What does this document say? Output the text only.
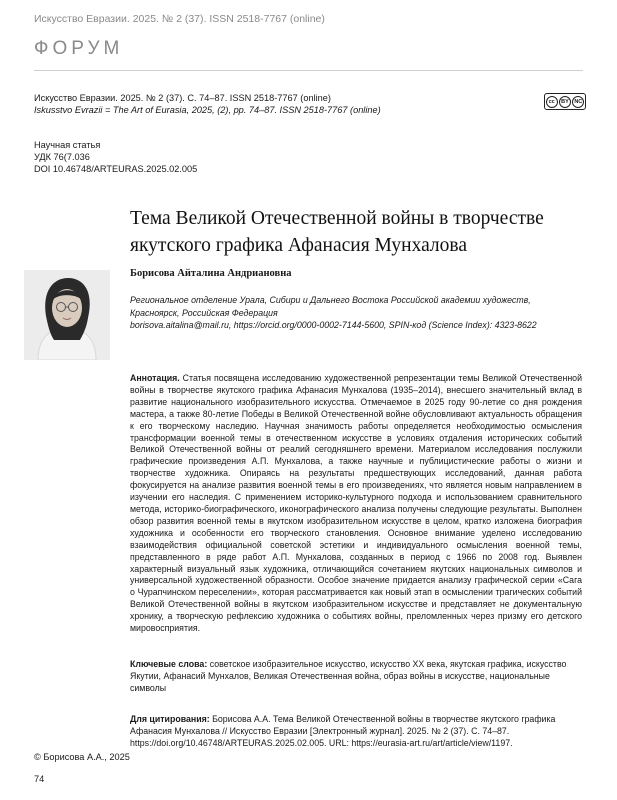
Искусство Евразии. 2025. № 2 (37). ISSN 2518-7767 (online)
ФОРУМ
Искусство Евразии. 2025. № 2 (37). С. 74–87. ISSN 2518-7767 (online)
Iskusstvo Evrazii = The Art of Eurasia, 2025, (2), pp. 74–87. ISSN 2518-7767 (online)
cc	BY	NC
Научная статья
УДК 76(7.036
DOI 10.46748/ARTEURAS.2025.02.005
Тема Великой Отечественной войны в творчестве якутского графика Афанасия Мунхалова
Борисова Айталина Андриановна
Региональное отделение Урала, Сибири и Дальнего Востока Российской академии художеств, Красноярск, Российская Федерация
borisova.aitalina@mail.ru, https://orcid.org/0000-0002-7144-5600, SPIN-код (Science Index): 4323-8622
Аннотация. Статья посвящена исследованию художественной репрезентации темы Великой Отечественной войны в творчестве якутского графика Афанасия Мунхалова (1935–2014), внесшего значительный вклад в развитие национального изобразительного искусства. Отмечаемое в 2025 году 90-летие со дня рождения мастера, а также 80-летие Победы в Великой Отечественной войне обусловливают актуальность обращения к его творческому наследию. Научная значимость работы определяется необходимостью осмысления трансформации военной темы в отечественном искусстве в условиях отдаления исторических событий Великой Отечественной войны от реалий сегодняшнего времени. Материалом исследования послужили графические произведения А.П. Мунхалова, а также научные и публицистические работы о жизни и творчестве художника. Опираясь на результаты предшествующих исследований, данная работа фокусируется на анализе развития военной темы в его произведениях, что является новым направлением в изучении его наследия. С применением историко-культурного подхода и использованием сравнительного метода, историко-биографического, иконографического анализа получены следующие результаты. Выполнен обзор развития военной темы в якутском изобразительном искусстве в целом, кратко изложена биография художника и особенности его творческого становления. Основное внимание уделено исследованию взаимодействия официальной советской эстетики и индивидуального осмысления военной темы, представленного в ряде работ А.П. Мунхалова, созданных в период с 1966 по 2008 год. Выявлен характерный визуальный язык художника, отличающийся сочетанием якутских национальных символов и универсальной художественной образности. Особое значение придается анализу графической серии «Сага о Чурапчинском переселении», которая рассматривается как новый этап в осмыслении трагических событий Великой Отечественной войны в якутском изобразительном искусстве и представляет не документальную хронику, а творческую рефлексию художника о событиях войны, преломленных через призму его детского мировосприятия.
Ключевые слова: советское изобразительное искусство, искусство ХХ века, якутская графика, искусство Якутии, Афанасий Мунхалов, Великая Отечественная война, образ войны в искусстве, национальные символы
Для цитирования: Борисова А.А. Тема Великой Отечественной войны в творчестве якутского графика Афанасия Мунхалова // Искусство Евразии [Электронный журнал]. 2025. № 2 (37). С. 74–87. https://doi.org/10.46748/ARTEURAS.2025.02.005. URL: https://eurasia-art.ru/art/article/view/1197.
© Борисова А.А., 2025
74
